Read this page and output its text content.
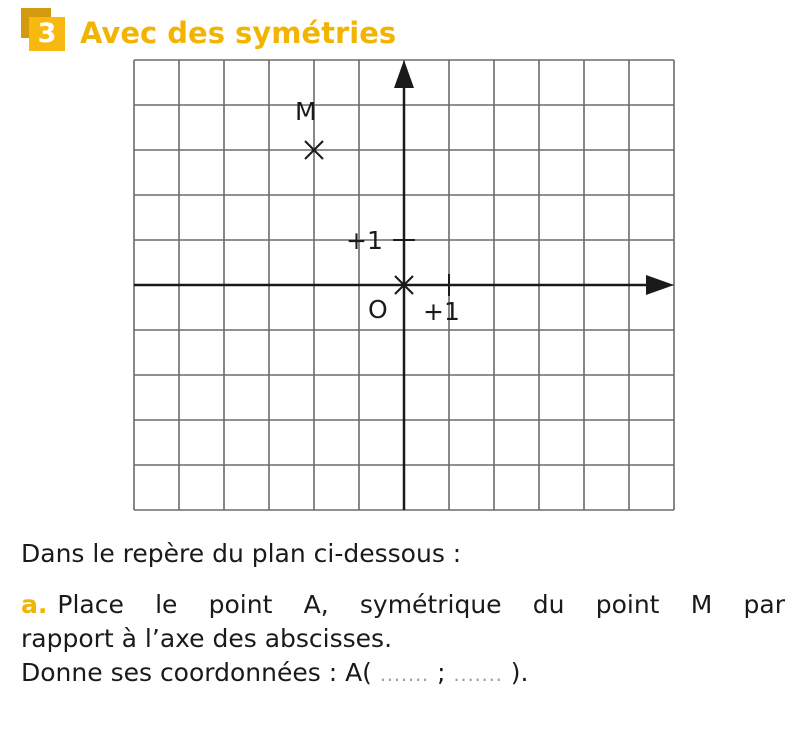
3 Avec des symétries
O +1
+1
M
Dans le repère du plan ci-dessous :
a. Place le point A, symétrique du point M par
rapport à l’axe des abscisses.
Donne ses coordonnées : A( ....... ; ....... ).
